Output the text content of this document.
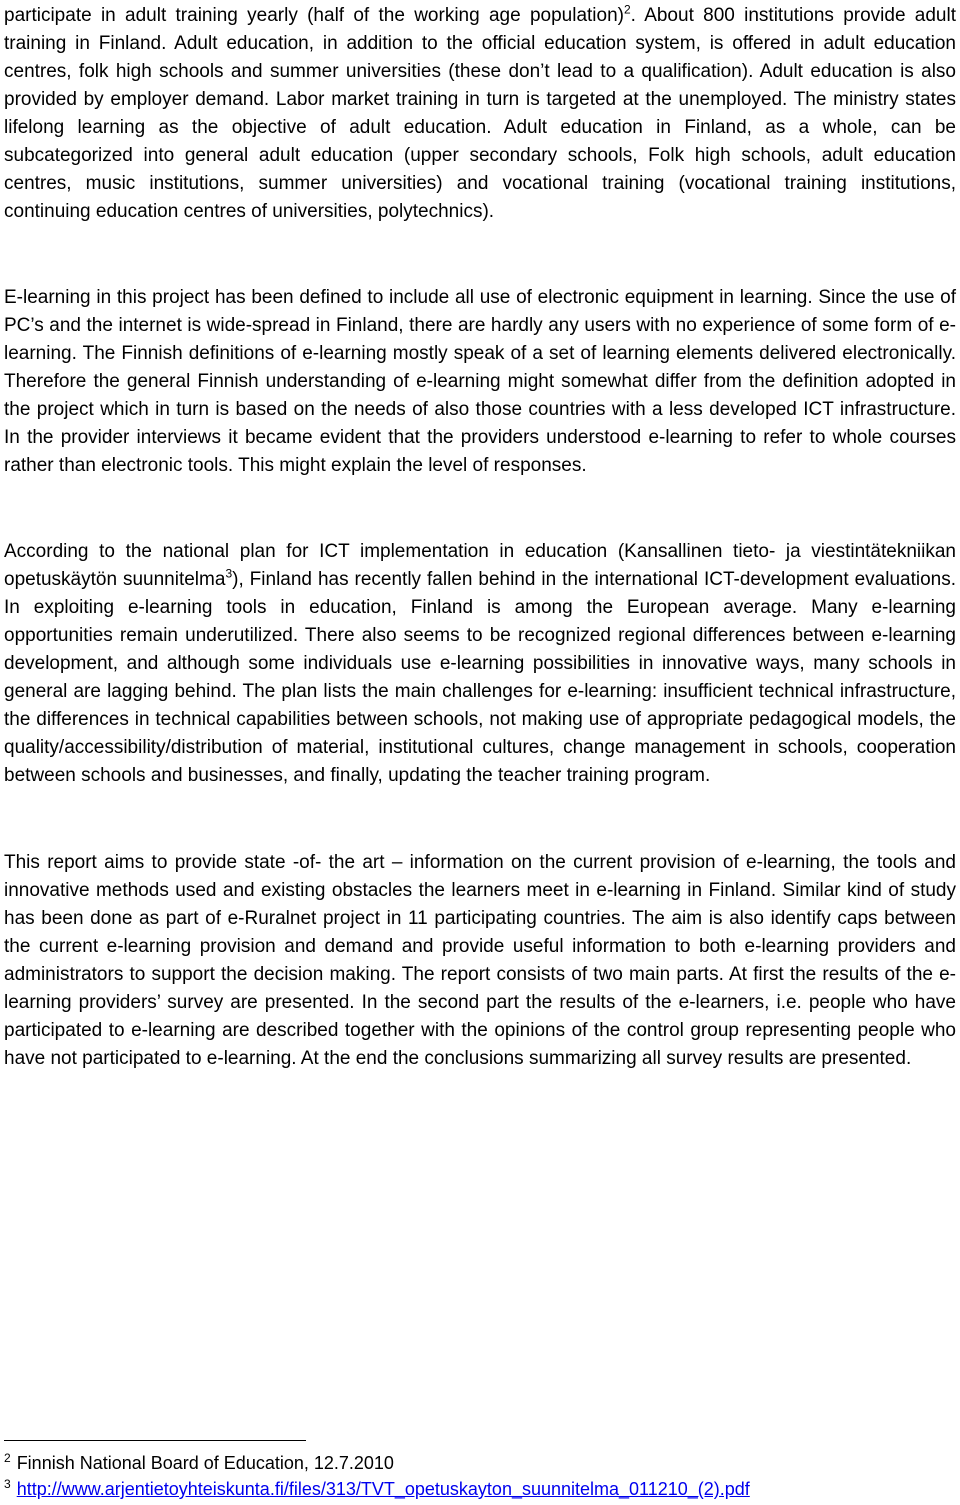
participate in adult training yearly (half of the working age population)$^2$. About 800 institutions provide adult training in Finland. Adult education, in addition to the official education system, is offered in adult education centres, folk high schools and summer universities (these don’t lead to a qualification). Adult education is also provided by employer demand. Labor market training in turn is targeted at the unemployed. The ministry states lifelong learning as the objective of adult education. Adult education in Finland, as a whole, can be subcategorized into general adult education (upper secondary schools, Folk high schools, adult education centres, music institutions, summer universities) and vocational training (vocational training institutions, continuing education centres of universities, polytechnics).

E-learning in this project has been defined to include all use of electronic equipment in learning. Since the use of PC’s and the internet is wide-spread in Finland, there are hardly any users with no experience of some form of e-learning. The Finnish definitions of e-learning mostly speak of a set of learning elements delivered electronically. Therefore the general Finnish understanding of e-learning might somewhat differ from the definition adopted in the project which in turn is based on the needs of also those countries with a less developed ICT infrastructure. In the provider interviews it became evident that the providers understood e-learning to refer to whole courses rather than electronic tools. This might explain the level of responses.

According to the national plan for ICT implementation in education (Kansallinen tieto- ja viestintätekniikan opetuskäytön suunnitelma$^3$), Finland has recently fallen behind in the international ICT-development evaluations. In exploiting e-learning tools in education, Finland is among the European average. Many e-learning opportunities remain underutilized. There also seems to be recognized regional differences between e-learning development, and although some individuals use e-learning possibilities in innovative ways, many schools in general are lagging behind. The plan lists the main challenges for e-learning: insufficient technical infrastructure, the differences in technical capabilities between schools, not making use of appropriate pedagogical models, the quality/accessibility/distribution of material, institutional cultures, change management in schools, cooperation between schools and businesses, and finally, updating the teacher training program.

This report aims to provide state -of- the art – information on the current provision of e-learning, the tools and innovative methods used and existing obstacles the learners meet in e-learning in Finland. Similar kind of study has been done as part of e-Ruralnet project in 11 participating countries. The aim is also identify caps between the current e-learning provision and demand and provide useful information to both e-learning providers and administrators to support the decision making. The report consists of two main parts. At first the results of the e-learning providers’ survey are presented. In the second part the results of the e-learners, i.e. people who have participated to e-learning are described together with the opinions of the control group representing people who have not participated to e-learning. At the end the conclusions summarizing all survey results are presented.

$^2$ Finnish National Board of Education, 12.7.2010
$^3$ http://www.arjentietoyhteiskunta.fi/files/313/TVT_opetuskayton_suunnitelma_011210_(2).pdf
